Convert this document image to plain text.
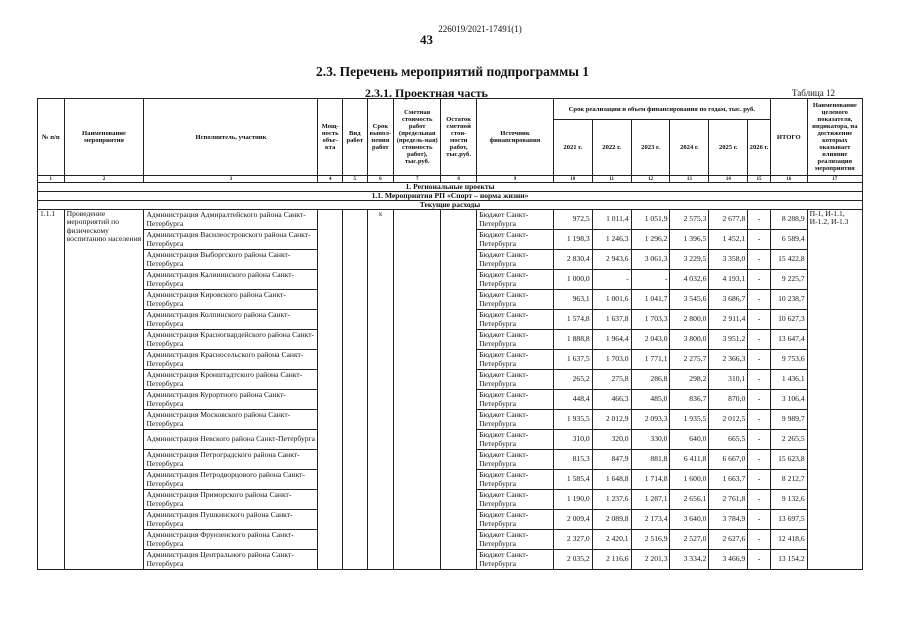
226019/2021-17491(1)
43
2.3. Перечень мероприятий подпрограммы 1
2.3.1. Проектная часть	Таблица 12
№ п/п	Наименование мероприятия	Исполнитель, участник	Мощ-ность объе-кта	Вид работ	Срок выпол-нения работ	Сметная стоимость работ (предельная (предель-ная) стоимость работ), тыс.руб.	Остаток сметной стои-мости работ, тыс.руб.	Источник финансирования	Срок реализации и объем финансирования по годам, тыс. руб.						ИТОГО	Наименование целевого показателя, индикатора, на достижение которых оказывает влияние реализация мероприятия
									2021 г.	2022 г.	2023 г.	2024 г.	2025 г.	2026 г.		
1	2	3	4	5	6	7	8	9	10	11	12	13	14	15	16	17
1. Региональные проекты																
1.1. Мероприятия РП «Спорт – норма жизни»																
Текущие расходы																
1.1.1	Проведение мероприятий по физическому воспитанию населения	Администрация Адмиралтейского района Санкт-Петербурга			х			Бюджет Санкт-Петербурга	972,5	1 011,4	1 051,9	2 575,3	2 677,8	-	8 288,9	П-1, И-1.1, И-1.2, И-1.3
		Администрация Василеостровского района Санкт-Петербурга						Бюджет Санкт-Петербурга	1 198,3	1 246,3	1 296,2	1 396,5	1 452,1	-	6 589,4	
		Администрация Выборгского района Санкт-Петербурга						Бюджет Санкт-Петербурга	2 830,4	2 943,6	3 061,3	3 229,5	3 358,0	-	15 422,8	
		Администрация Калининского района Санкт-Петербурга						Бюджет Санкт-Петербурга	1 000,0	-	-	4 032,6	4 193,1	-	9 225,7	
		Администрация Кировского района Санкт-Петербурга						Бюджет Санкт-Петербурга	963,1	1 001,6	1 041,7	3 545,6	3 686,7	-	10 238,7	
		Администрация Колпинского района Санкт-Петербурга						Бюджет Санкт-Петербурга	1 574,8	1 637,8	1 703,3	2 800,0	2 911,4	-	10 627,3	
		Администрация Красногвардейского района Санкт-Петербурга						Бюджет Санкт-Петербурга	1 888,8	1 964,4	2 043,0	3 800,0	3 951,2	-	13 647,4	
		Администрация Красносельского района Санкт-Петербурга						Бюджет Санкт-Петербурга	1 637,5	1 703,0	1 771,1	2 275,7	2 366,3	-	9 753,6	
		Администрация Кронштадтского района Санкт-Петербурга						Бюджет Санкт-Петербурга	265,2	275,8	286,8	298,2	310,1	-	1 436,1	
		Администрация Курортного района Санкт-Петербурга						Бюджет Санкт-Петербурга	448,4	466,3	485,0	836,7	870,0	-	3 106,4	
		Администрация Московского района Санкт-Петербурга						Бюджет Санкт-Петербурга	1 935,5	2 012,9	2 093,3	1 935,5	2 012,5	-	9 989,7	
		Администрация Невского района Санкт-Петербурга						Бюджет Санкт-Петербурга	310,0	320,0	330,0	640,0	665,5	-	2 265,5	
		Администрация Петроградского района Санкт-Петербурга						Бюджет Санкт-Петербурга	815,3	847,9	881,8	6 411,8	6 667,0	-	15 623,8	
		Администрация Петродворцового района Санкт-Петербурга						Бюджет Санкт-Петербурга	1 585,4	1 648,8	1 714,8	1 600,0	1 663,7	-	8 212,7	
		Администрация Приморского района Санкт-Петербурга						Бюджет Санкт-Петербурга	1 190,0	1 237,6	1 287,1	2 656,1	2 761,8	-	9 132,6	
		Администрация Пушкинского района Санкт-Петербурга						Бюджет Санкт-Петербурга	2 009,4	2 089,8	2 173,4	3 640,0	3 784,9	-	13 697,5	
		Администрация Фрунзенского района Санкт-Петербурга						Бюджет Санкт-Петербурга	2 327,0	2 420,1	2 516,9	2 527,0	2 627,6	-	12 418,6	
		Администрация Центрального района Санкт-Петербурга						Бюджет Санкт-Петербурга	2 035,2	2 116,6	2 201,3	3 334,2	3 466,9	-	13 154,2	
